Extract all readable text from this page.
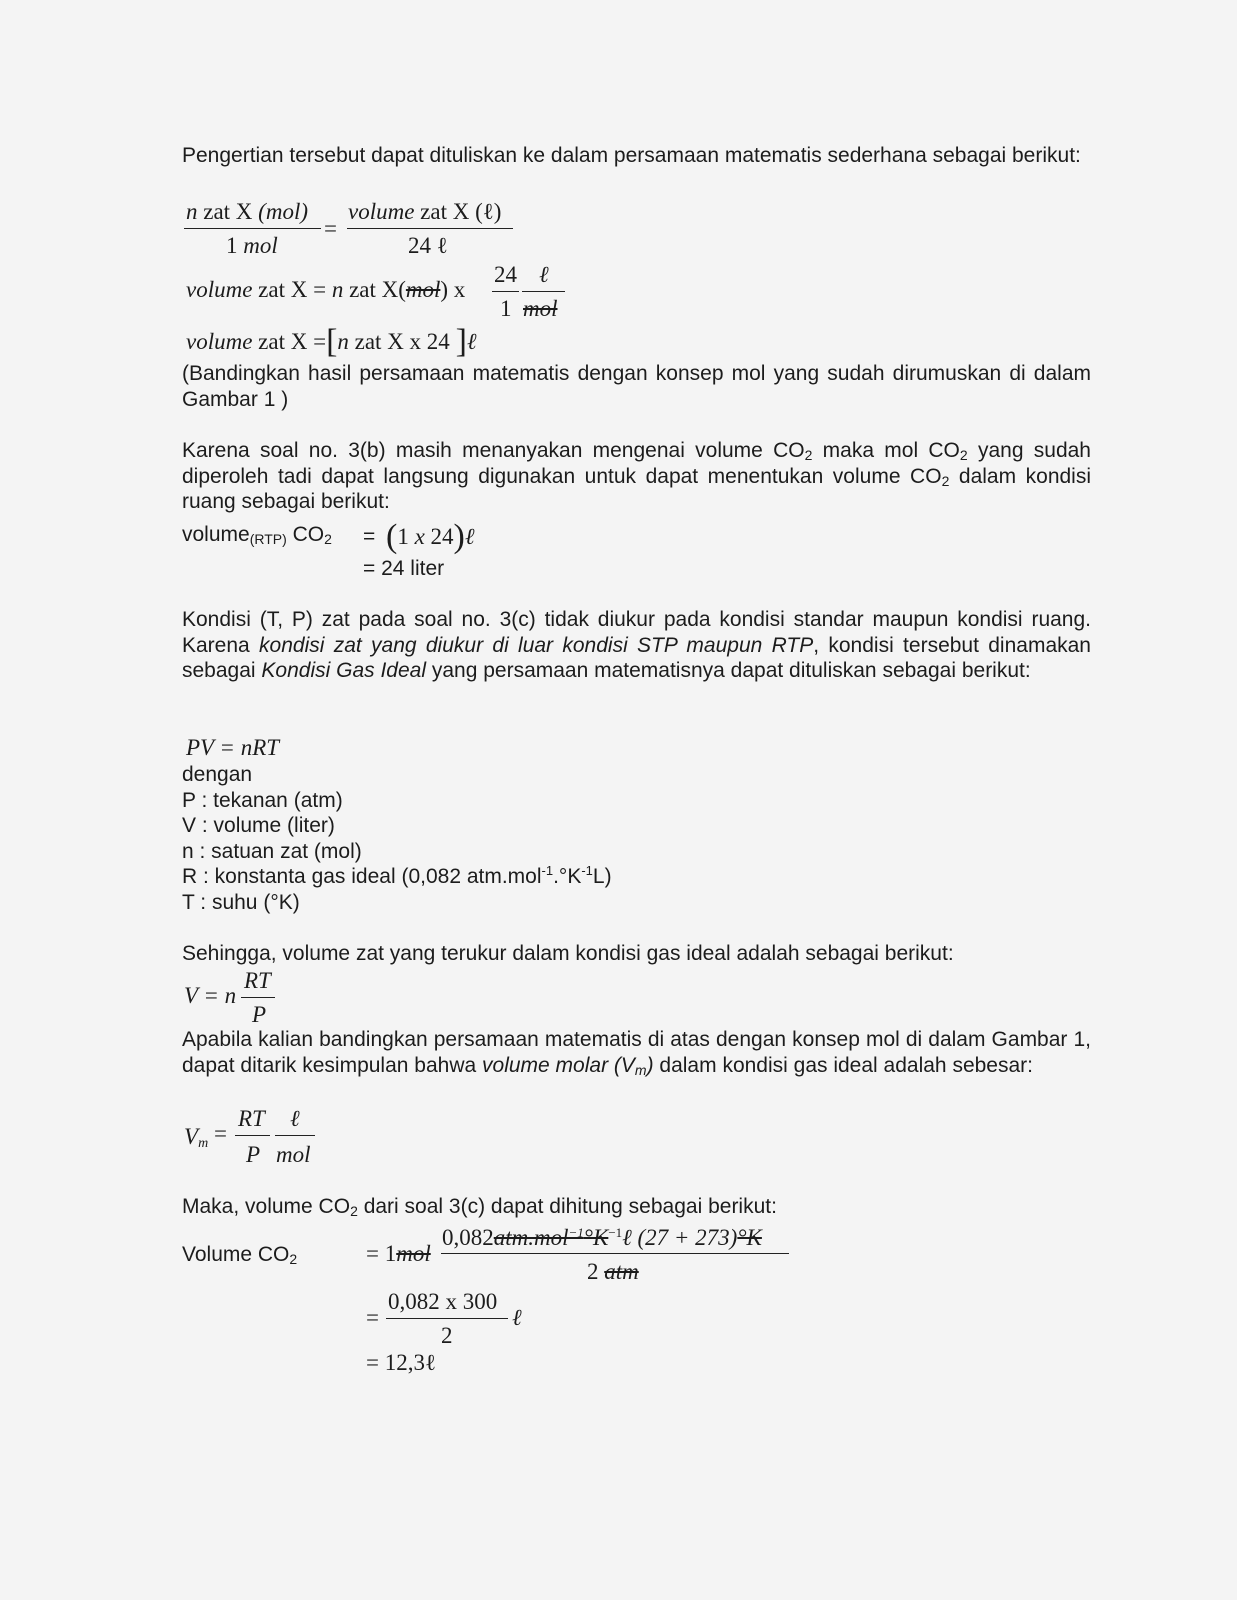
Pengertian tersebut dapat dituliskan ke dalam persamaan matematis sederhana sebagai berikut:

n zat X (mol)
1 mol
=
volume zat X (ℓ)
24 ℓ
volume zat X = n zat X(mol) x
24
1
ℓ
mol
volume zat X =[n zat X x 24 ]ℓ

(Bandingkan hasil persamaan matematis dengan konsep mol yang sudah dirumuskan di dalam Gambar 1 )

Karena soal no. 3(b) masih menanyakan mengenai volume $CO_2$ maka mol $CO_2$ yang sudah diperoleh tadi dapat langsung digunakan untuk dapat menentukan volume $CO_2$ dalam kondisi ruang sebagai berikut:

volume$_{(RTP)}$ $CO_2 = (1$ x 24)ℓ
= 24 liter

Kondisi (T, P) zat pada soal no. 3(c) tidak diukur pada kondisi standar maupun kondisi ruang. Karena kondisi zat yang diukur di luar kondisi STP maupun RTP, kondisi tersebut dinamakan sebagai Kondisi Gas Ideal yang persamaan matematisnya dapat dituliskan sebagai berikut:

PV = nRT
dengan
P : tekanan (atm)
V : volume (liter)
n : satuan zat (mol)
R : konstanta gas ideal (0,082 $atm.mol^{-1}.^\circ K^{-1}L$)
T : suhu (°K)

Sehingga, volume zat yang terukur dalam kondisi gas ideal adalah sebagai berikut:

V = n
RT
P

Apabila kalian bandingkan persamaan matematis di atas dengan konsep mol di dalam Gambar 1, dapat ditarik kesimpulan bahwa volume molar $(V_m)$ dalam kondisi gas ideal adalah sebesar:

$V_m$ =
RT
P
ℓ
mol

Maka, volume $CO_2$ dari soal 3(c) dapat dihitung sebagai berikut:

Volume $CO_2$	= 1mol
$0,082atm.mol^{-1}^\circ K^{-1}\ell$ (27 + 273)°K
2 atm
=
0,082 x 300
2
ℓ
= 12,3ℓ
